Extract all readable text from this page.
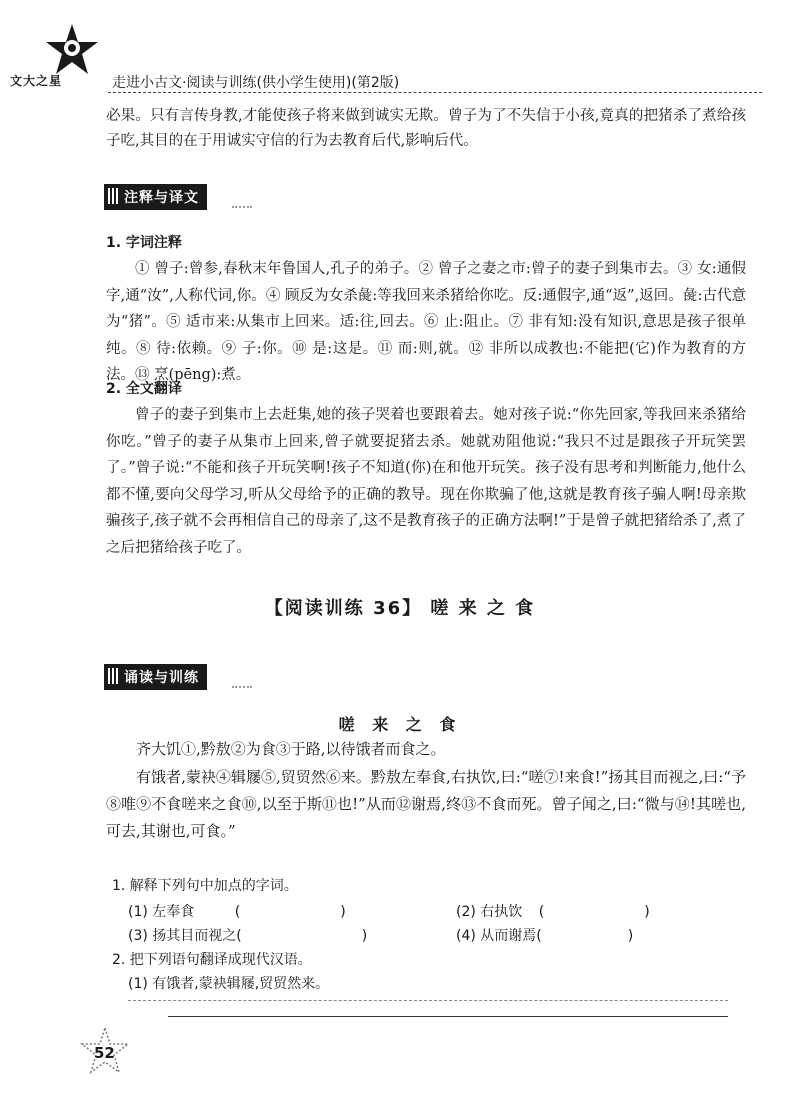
文大之星	走进小古文·阅读与训练(供小学生使用)(第2版)
必果。只有言传身教,才能使孩子将来做到诚实无欺。曾子为了不失信于小孩,竟真的把猪杀了煮给孩子吃,其目的在于用诚实守信的行为去教育后代,影响后代。
注释与译文
1. 字词注释
① 曾子:曾参,春秋末年鲁国人,孔子的弟子。② 曾子之妻之市:曾子的妻子到集市去。③ 女:通假字,通“汝”,人称代词,你。④ 顾反为女杀彘:等我回来杀猪给你吃。反:通假字,通“返”,返回。彘:古代意为“猪”。⑤ 适市来:从集市上回来。适:往,回去。⑥ 止:阻止。⑦ 非有知:没有知识,意思是孩子很单纯。⑧ 待:依赖。⑨ 子:你。⑩ 是:这是。⑪ 而:则,就。⑫ 非所以成教也:不能把(它)作为教育的方法。⑬ 烹(pēng):煮。
2. 全文翻译
曾子的妻子到集市上去赶集,她的孩子哭着也要跟着去。她对孩子说:“你先回家,等我回来杀猪给你吃。”曾子的妻子从集市上回来,曾子就要捉猪去杀。她就劝阻他说:“我只不过是跟孩子开玩笑罢了。”曾子说:“不能和孩子开玩笑啊!孩子不知道(你)在和他开玩笑。孩子没有思考和判断能力,他什么都不懂,要向父母学习,听从父母给予的正确的教导。现在你欺骗了他,这就是教育孩子骗人啊!母亲欺骗孩子,孩子就不会再相信自己的母亲了,这不是教育孩子的正确方法啊!”于是曾子就把猪给杀了,煮了之后把猪给孩子吃了。
【阅读训练 36】 嗟 来 之 食
诵读与训练
嗟 来 之 食
齐大饥①,黔敖②为食③于路,以待饿者而食之。
有饿者,蒙袂④辑屦⑤,贸贸然⑥来。黔敖左奉食,右执饮,曰:“嗟⑦!来食!”扬其目而视之,曰:“予⑧唯⑨不食嗟来之食⑩,以至于斯⑪也!”从而⑫谢焉,终⑬不食而死。曾子闻之,曰:“微与⑭!其嗟也,可去,其谢也,可食。”
1. 解释下列句中加点的字词。
(1) 左奉食	(	)	(2) 右执饮 (	)
(3) 扬其目而视之(	)	(4) 从而谢焉(	)
2. 把下列语句翻译成现代汉语。
(1) 有饿者,蒙袂辑屦,贸贸然来。
52
